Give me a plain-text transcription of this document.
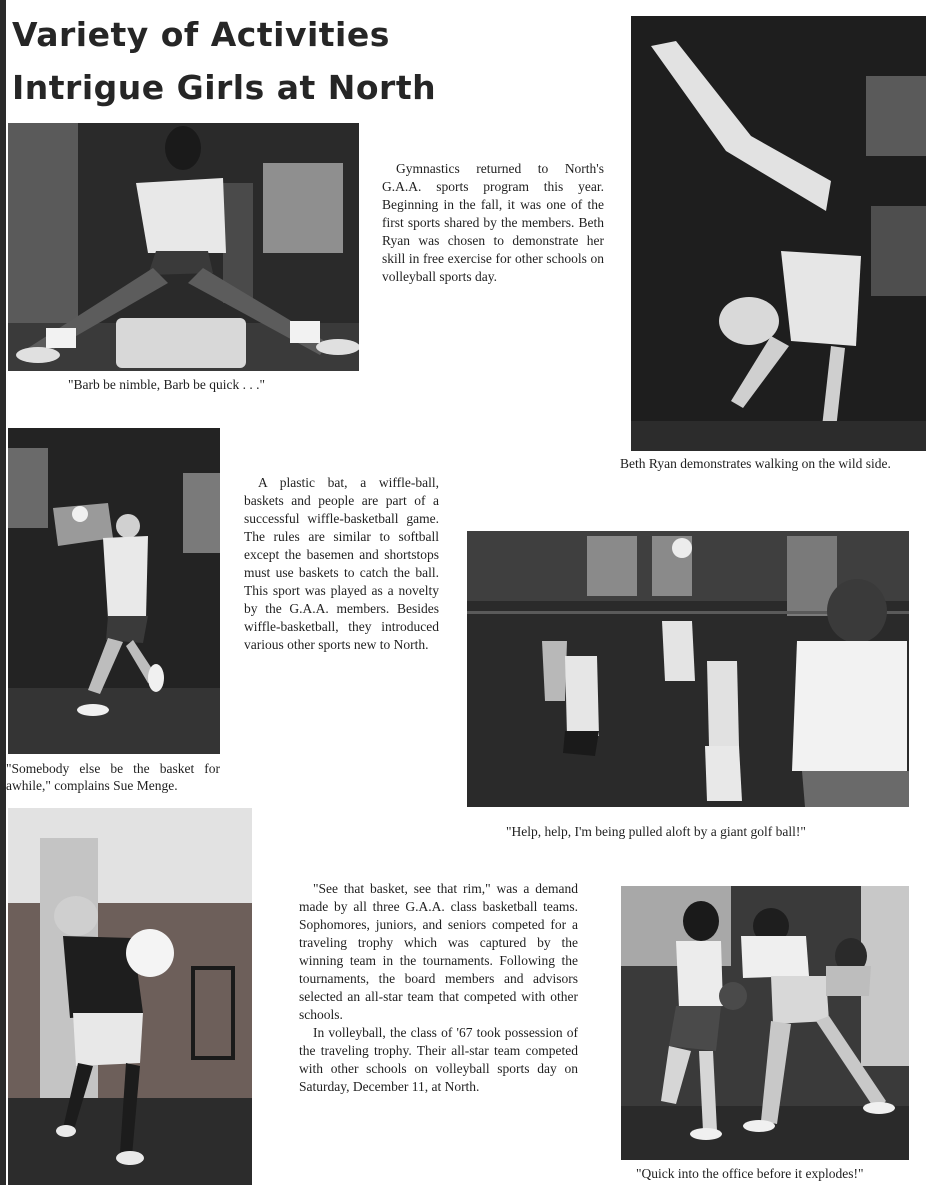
Variety of Activities
Intrigue Girls at North

"Barb be nimble, Barb be quick . . ."

Gymnastics returned to North's G.A.A. sports program this year. Beginning in the fall, it was one of the first sports shared by the members. Beth Ryan was chosen to demonstrate her skill in free exercise for other schools on volleyball sports day.

Beth Ryan demonstrates walking on the wild side.

"Somebody else be the basket for awhile," complains Sue Menge.

A plastic bat, a wiffle-ball, baskets and people are part of a successful wiffle-basketball game. The rules are similar to softball except the basemen and shortstops must use baskets to catch the ball. This sport was played as a novelty by the G.A.A. members. Besides wiffle-basketball, they introduced various other sports new to North.

"Help, help, I'm being pulled aloft by a giant golf ball!"

"See that basket, see that rim," was a demand made by all three G.A.A. class basketball teams. Sophomores, juniors, and seniors competed for a traveling trophy which was captured by the winning team in the tournaments. Following the tournaments, the board members and advisors selected an all-star team that competed with other schools.

In volleyball, the class of '67 took possession of the traveling trophy. Their all-star team competed with other schools on volleyball sports day on Saturday, December 11, at North.

"Quick into the office before it explodes!"
